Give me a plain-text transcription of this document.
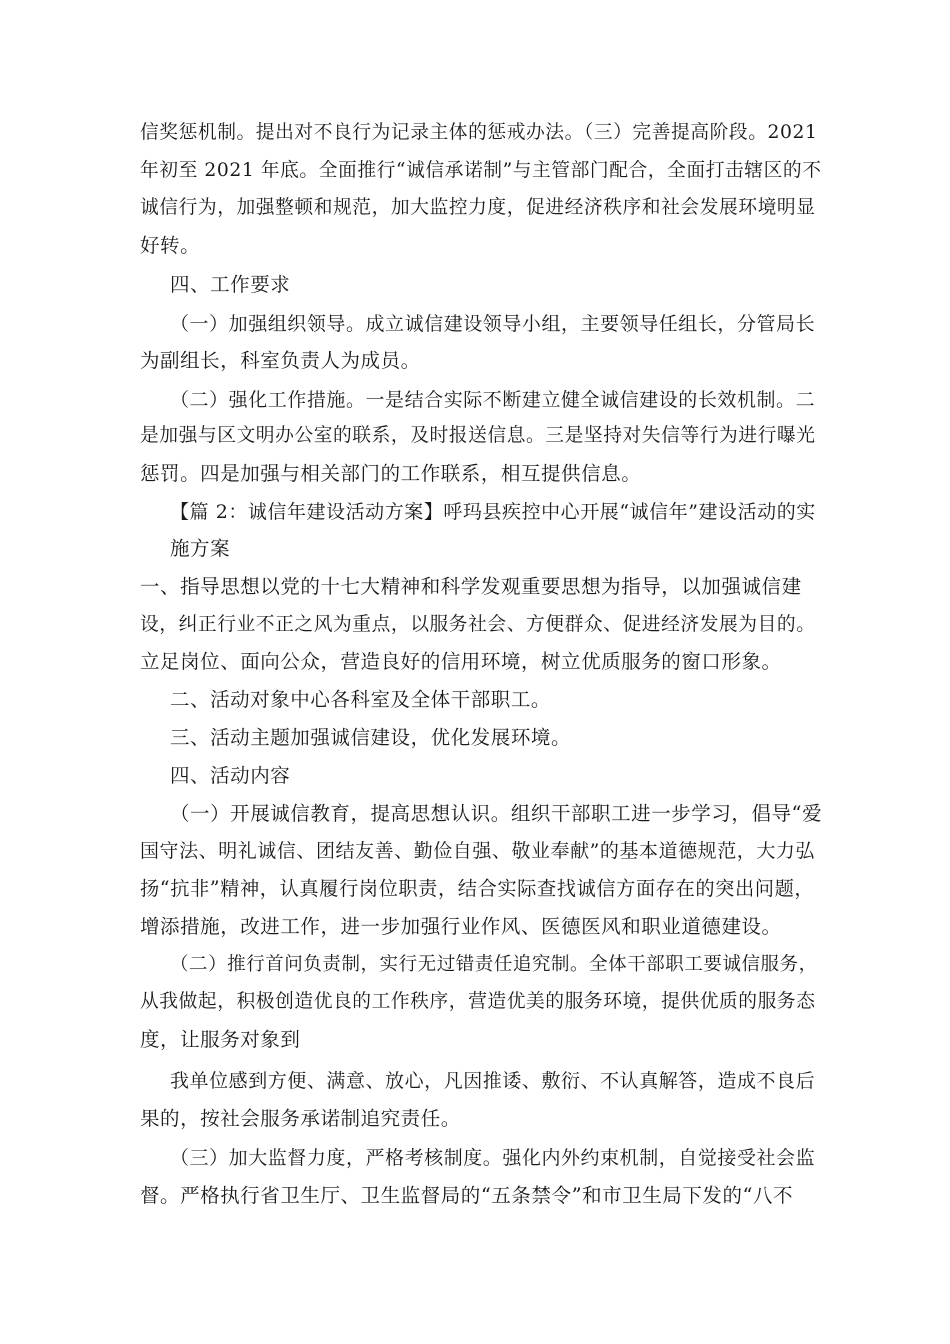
信奖惩机制。提出对不良行为记录主体的惩戒办法。（三）完善提高阶段。2021
年初至 2021 年底。全面推行“诚信承诺制”与主管部门配合，全面打击辖区的不
诚信行为，加强整顿和规范，加大监控力度，促进经济秩序和社会发展环境明显
好转。
四、工作要求
（一）加强组织领导。成立诚信建设领导小组，主要领导任组长，分管局长
为副组长，科室负责人为成员。
（二）强化工作措施。一是结合实际不断建立健全诚信建设的长效机制。二
是加强与区文明办公室的联系，及时报送信息。三是坚持对失信等行为进行曝光
惩罚。四是加强与相关部门的工作联系，相互提供信息。
【篇 2：诚信年建设活动方案】呼玛县疾控中心开展“诚信年”建设活动的实
施方案
一、指导思想以党的十七大精神和科学发观重要思想为指导，以加强诚信建
设，纠正行业不正之风为重点，以服务社会、方便群众、促进经济发展为目的。
立足岗位、面向公众，营造良好的信用环境，树立优质服务的窗口形象。
二、活动对象中心各科室及全体干部职工。
三、活动主题加强诚信建设，优化发展环境。
四、活动内容
（一）开展诚信教育，提高思想认识。组织干部职工进一步学习，倡导“爱
国守法、明礼诚信、团结友善、勤俭自强、敬业奉献”的基本道德规范，大力弘
扬“抗非”精神，认真履行岗位职责，结合实际查找诚信方面存在的突出问题，
增添措施，改进工作，进一步加强行业作风、医德医风和职业道德建设。
（二）推行首问负责制，实行无过错责任追究制。全体干部职工要诚信服务，
从我做起，积极创造优良的工作秩序，营造优美的服务环境，提供优质的服务态
度，让服务对象到
我单位感到方便、满意、放心，凡因推诿、敷衍、不认真解答，造成不良后
果的，按社会服务承诺制追究责任。
（三）加大监督力度，严格考核制度。强化内外约束机制，自觉接受社会监
督。严格执行省卫生厅、卫生监督局的“五条禁令”和市卫生局下发的“八不
